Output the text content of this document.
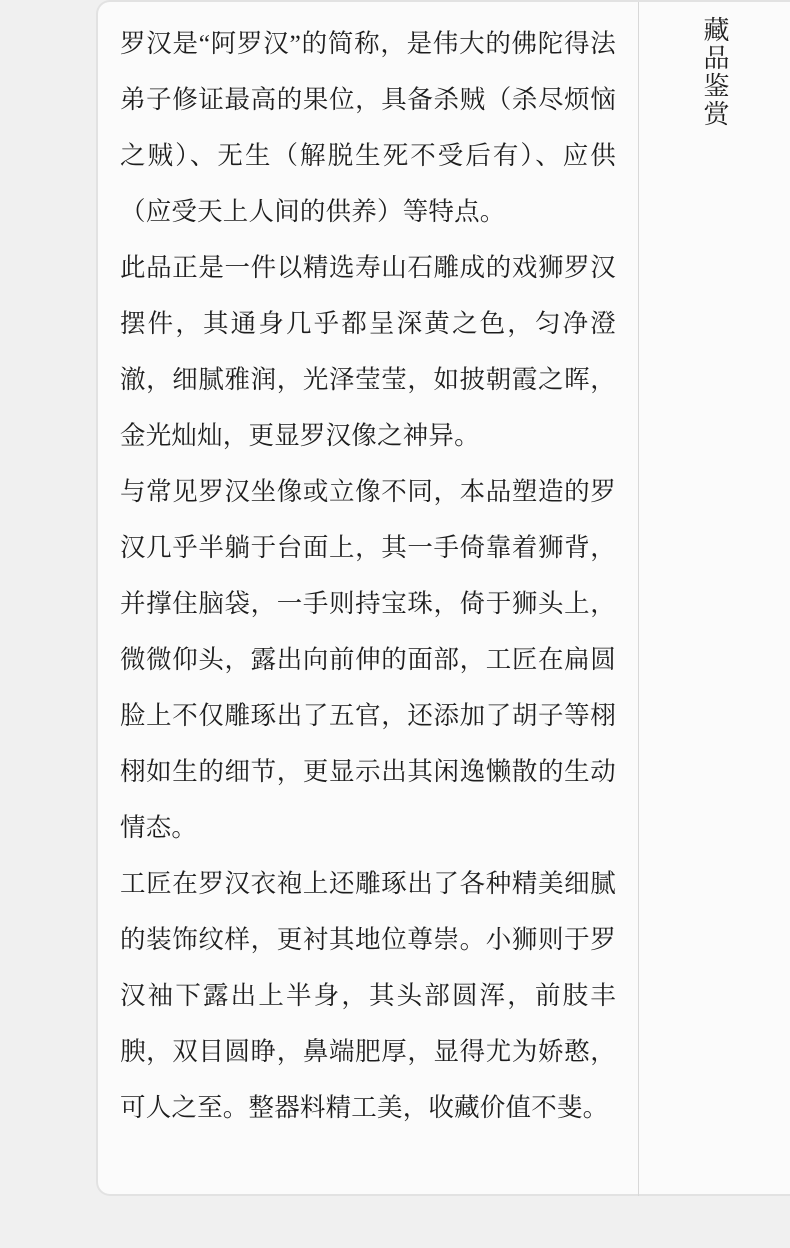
罗汉是“阿罗汉”的简称，是伟大的佛陀得法弟子修证最高的果位，具备杀贼（杀尽烦恼之贼）、无生（解脱生死不受后有）、应供（应受天上人间的供养）等特点。

此品正是一件以精选寿山石雕成的戏狮罗汉摆件，其通身几乎都呈深黄之色，匀净澄澈，细腻雅润，光泽莹莹，如披朝霞之晖，金光灿灿，更显罗汉像之神异。

与常见罗汉坐像或立像不同，本品塑造的罗汉几乎半躺于台面上，其一手倚靠着狮背，并撑住脑袋，一手则持宝珠，倚于狮头上，微微仰头，露出向前伸的面部，工匠在扁圆脸上不仅雕琢出了五官，还添加了胡子等栩栩如生的细节，更显示出其闲逸懒散的生动情态。

工匠在罗汉衣袍上还雕琢出了各种精美细腻的装饰纹样，更衬其地位尊崇。小狮则于罗汉袖下露出上半身，其头部圆浑，前肢丰腴，双目圆睁，鼻端肥厚，显得尤为娇憨，可人之至。整器料精工美，收藏价值不斐。

藏品鉴赏
